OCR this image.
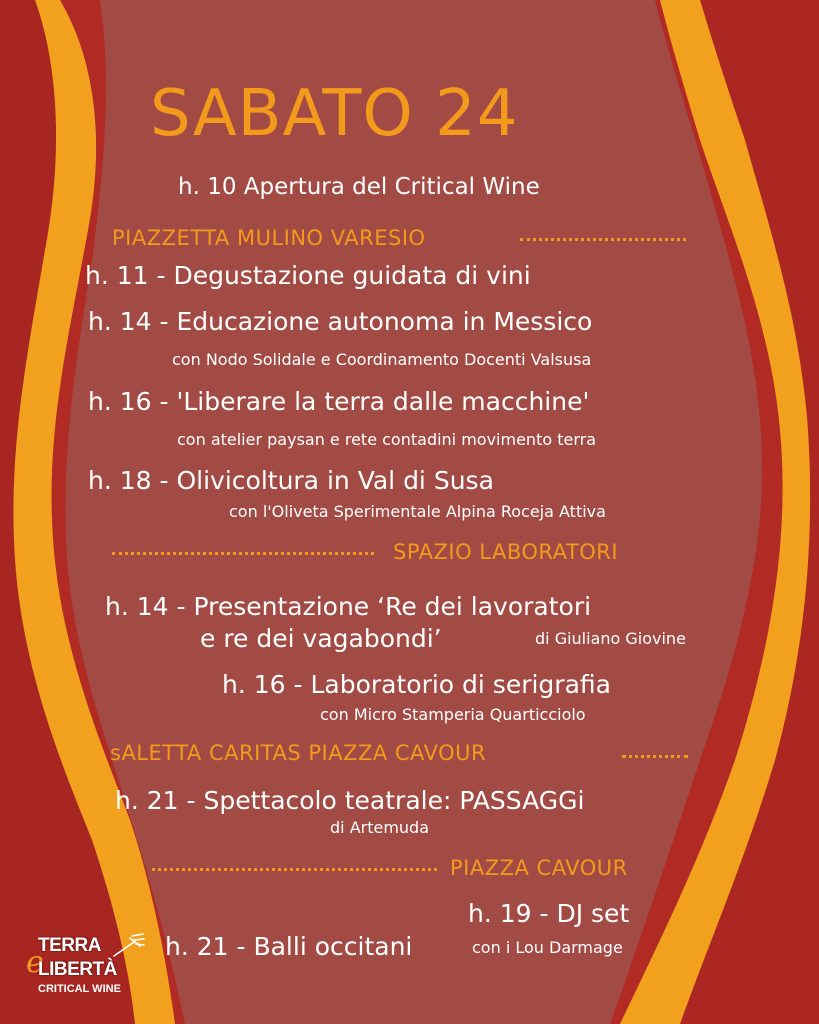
SABATO 24
h. 10 Apertura del Critical Wine
PIAZZETTA MULINO VARESIO
h. 11 - Degustazione guidata di vini
h. 14 - Educazione autonoma in Messico
con Nodo Solidale e Coordinamento Docenti Valsusa
h. 16 - 'Liberare la terra dalle macchine'
con atelier paysan e rete contadini movimento terra
h. 18 - Olivicoltura in Val di Susa
con l'Oliveta Sperimentale Alpina Roceja Attiva
SPAZIO LABORATORI
h. 14 - Presentazione ‘Re dei lavoratori
e re dei vagabondi’	di Giuliano Giovine
h. 16 - Laboratorio di serigrafia
con Micro Stamperia Quarticciolo
sALETTA CARITAS PIAZZA CAVOUR
h. 21 - Spettacolo teatrale: PASSAGGi
di Artemuda
PIAZZA CAVOUR
h. 19 - DJ set
h. 21 - Balli occitani	con i Lou Darmage
e
TERRA
LIBERTÀ
CRITICAL WINE
